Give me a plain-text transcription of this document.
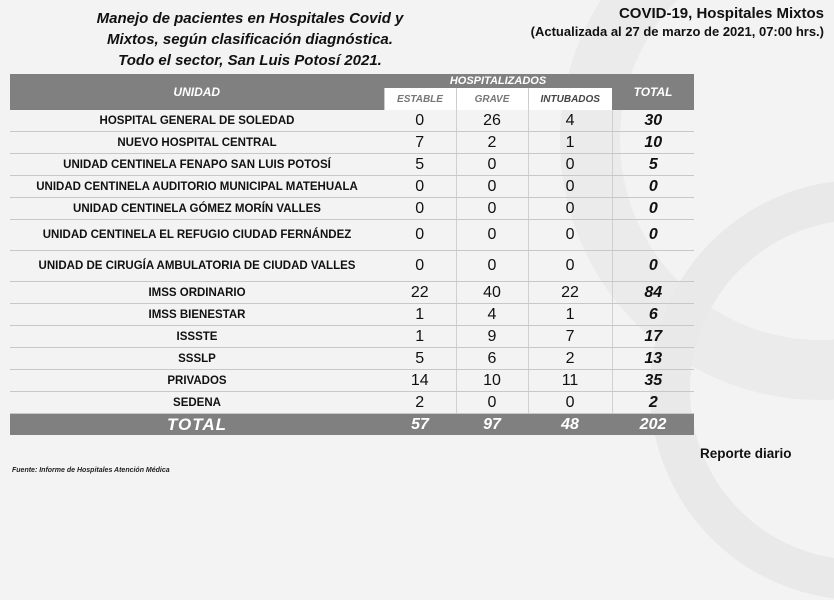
Manejo de pacientes en Hospitales Covid y
Mixtos, según clasificación diagnóstica.
Todo el sector, San Luis Potosí 2021.
COVID-19, Hospitales Mixtos
(Actualizada al 27 de marzo de 2021, 07:00 hrs.)
UNIDAD	HOSPITALIZADOS			TOTAL
	ESTABLE	GRAVE	INTUBADOS	
HOSPITAL GENERAL DE SOLEDAD	0	26	4	30
NUEVO HOSPITAL CENTRAL	7	2	1	10
UNIDAD CENTINELA FENAPO SAN LUIS POTOSÍ	5	0	0	5
UNIDAD CENTINELA AUDITORIO MUNICIPAL MATEHUALA	0	0	0	0
UNIDAD CENTINELA GÓMEZ MORÍN VALLES	0	0	0	0
UNIDAD CENTINELA EL REFUGIO CIUDAD FERNÁNDEZ	0	0	0	0
UNIDAD DE CIRUGÍA AMBULATORIA DE CIUDAD VALLES	0	0	0	0
IMSS ORDINARIO	22	40	22	84
IMSS BIENESTAR	1	4	1	6
ISSSTE	1	9	7	17
SSSLP	5	6	2	13
PRIVADOS	14	10	11	35
SEDENA	2	0	0	2
TOTAL	57	97	48	202
Reporte diario
Fuente: Informe de Hospitales Atención Médica
